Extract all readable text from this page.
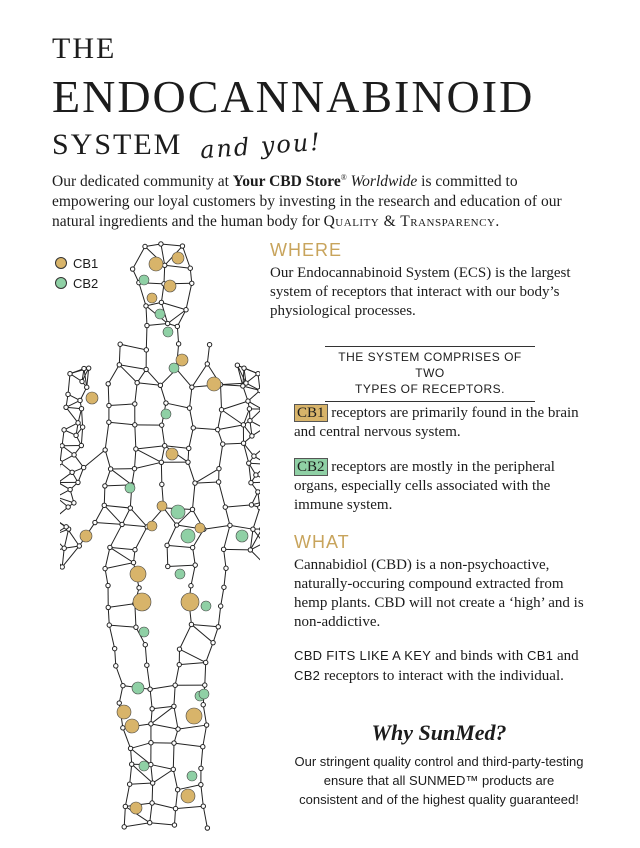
THE
ENDOCANNABINOID
SYSTEM and you!
Our dedicated community at Your CBD Store® Worldwide is committed to empowering our loyal customers by investing in the research and education of our natural ingredients and the human body for Quality & Transparency.
CB1
CB2
WHERE
Our Endocannabinoid System (ECS) is the largest system of receptors that interact with our body’s physiological processes.
THE SYSTEM COMPRISES OF TWO
TYPES OF RECEPTORS.
CB1 receptors are primarily found in the brain and central nervous system.
CB2 receptors are mostly in the peripheral organs, especially cells associated with the immune system.
WHAT
Cannabidiol (CBD) is a non-psychoactive, naturally-occuring compound extracted from hemp plants. CBD will not create a ‘high’ and is non-addictive.
CBD FITS LIKE A KEY and binds with CB1 and CB2 receptors to interact with the individual.
Why SunMed?
Our stringent quality control and third-party-testing ensure that all SUNMED™ products are consistent and of the highest quality guaranteed!
